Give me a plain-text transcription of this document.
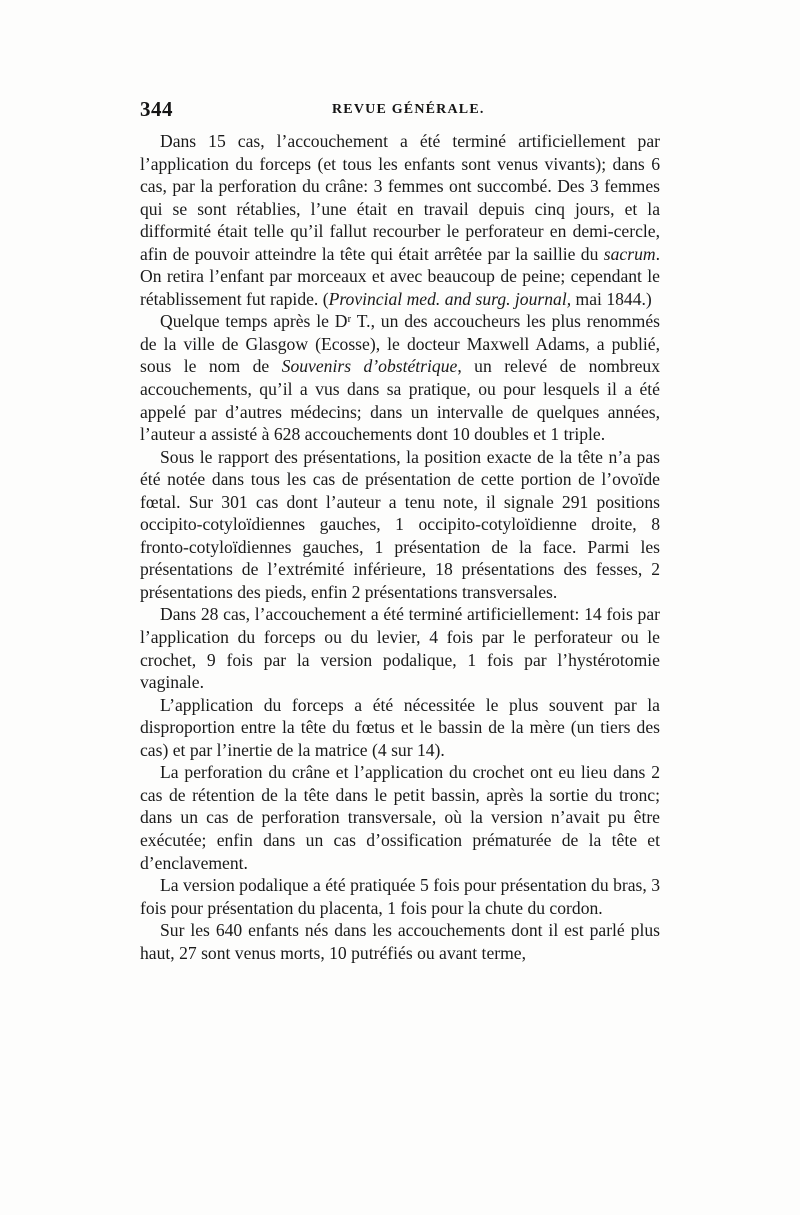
344	REVUE GÉNÉRALE.

Dans 15 cas, l’accouchement a été terminé artificiellement par l’application du forceps (et tous les enfants sont venus vivants); dans 6 cas, par la perforation du crâne: 3 femmes ont succombé. Des 3 femmes qui se sont rétablies, l’une était en travail depuis cinq jours, et la difformité était telle qu’il fallut recourber le perforateur en demi-cercle, afin de pouvoir atteindre la tête qui était arrêtée par la saillie du sacrum. On retira l’enfant par morceaux et avec beaucoup de peine; cependant le rétablissement fut rapide. (Provincial med. and surg. journal, mai 1844.)

Quelque temps après le Dʳ T., un des accoucheurs les plus renommés de la ville de Glasgow (Ecosse), le docteur Maxwell Adams, a publié, sous le nom de Souvenirs d’obstétrique, un relevé de nombreux accouchements, qu’il a vus dans sa pratique, ou pour lesquels il a été appelé par d’autres médecins; dans un intervalle de quelques années, l’auteur a assisté à 628 accouchements dont 10 doubles et 1 triple.

Sous le rapport des présentations, la position exacte de la tête n’a pas été notée dans tous les cas de présentation de cette portion de l’ovoïde fœtal. Sur 301 cas dont l’auteur a tenu note, il signale 291 positions occipito-cotyloïdiennes gauches, 1 occipito-cotyloïdienne droite, 8 fronto-cotyloïdiennes gauches, 1 présentation de la face. Parmi les présentations de l’extrémité inférieure, 18 présentations des fesses, 2 présentations des pieds, enfin 2 présentations transversales.

Dans 28 cas, l’accouchement a été terminé artificiellement: 14 fois par l’application du forceps ou du levier, 4 fois par le perforateur ou le crochet, 9 fois par la version podalique, 1 fois par l’hystérotomie vaginale.

L’application du forceps a été nécessitée le plus souvent par la disproportion entre la tête du fœtus et le bassin de la mère (un tiers des cas) et par l’inertie de la matrice (4 sur 14).

La perforation du crâne et l’application du crochet ont eu lieu dans 2 cas de rétention de la tête dans le petit bassin, après la sortie du tronc; dans un cas de perforation transversale, où la version n’avait pu être exécutée; enfin dans un cas d’ossification prématurée de la tête et d’enclavement.

La version podalique a été pratiquée 5 fois pour présentation du bras, 3 fois pour présentation du placenta, 1 fois pour la chute du cordon.

Sur les 640 enfants nés dans les accouchements dont il est parlé plus haut, 27 sont venus morts, 10 putréfiés ou avant terme,
